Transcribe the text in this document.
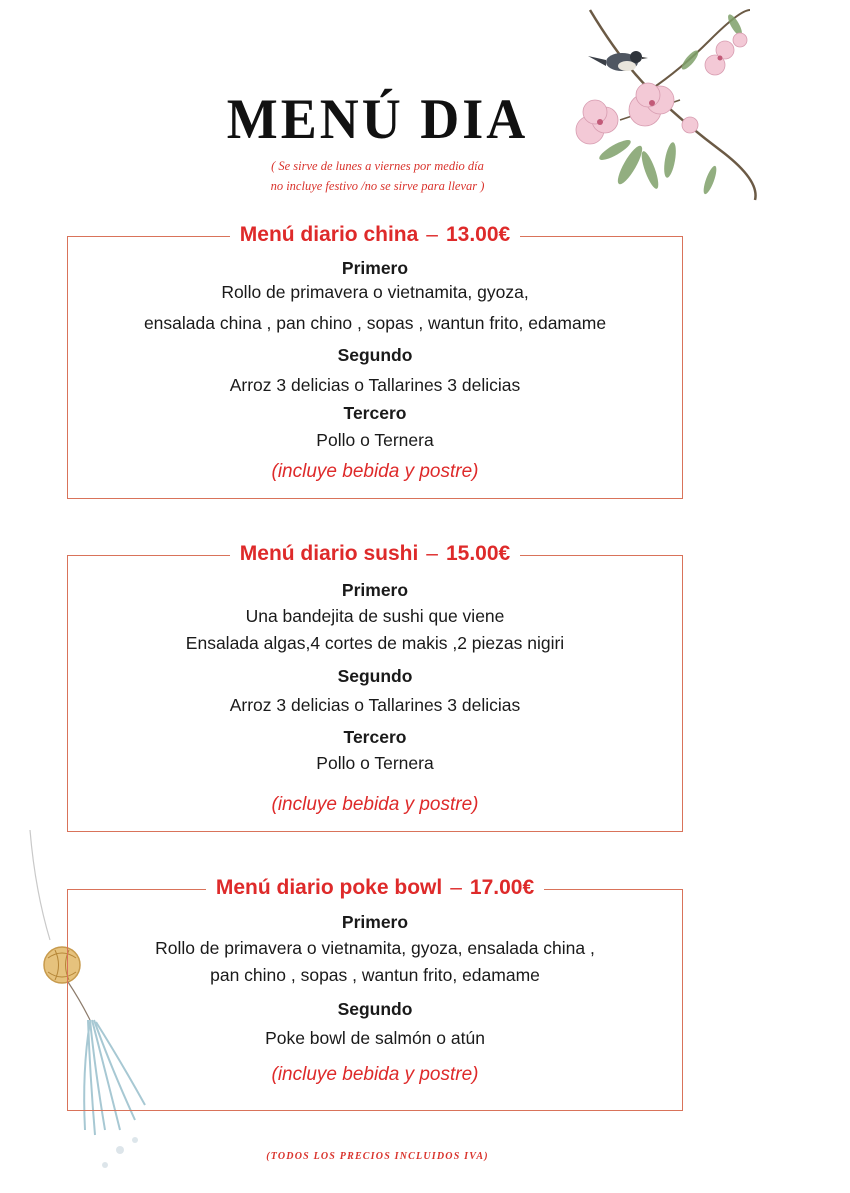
MENÚ DIA
( Se sirve de lunes a viernes por medio día
no incluye festivo /no se sirve para llevar )
Menú diario china – 13.00€
Primero
Rollo de primavera o vietnamita, gyoza,
ensalada china , pan chino , sopas , wantun frito, edamame
Segundo
Arroz 3 delicias o Tallarines 3 delicias
Tercero
Pollo o Ternera
(incluye bebida y postre)
Menú diario sushi – 15.00€
Primero
Una bandejita de sushi que viene
Ensalada algas,4 cortes de makis ,2 piezas nigiri
Segundo
Arroz 3 delicias o Tallarines 3 delicias
Tercero
Pollo o Ternera
(incluye bebida y postre)
Menú diario poke bowl – 17.00€
Primero
Rollo de primavera o vietnamita, gyoza, ensalada china ,
pan chino , sopas , wantun frito, edamame
Segundo
Poke bowl de salmón o atún
(incluye bebida y postre)
(TODOS LOS PRECIOS INCLUIDOS IVA)
